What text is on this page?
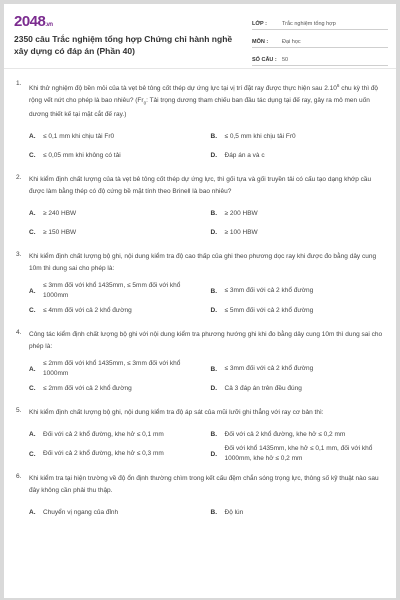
2048.vn
2350 câu Trắc nghiệm tổng hợp Chứng chỉ hành nghề xây dựng có đáp án (Phần 40)
LỚP :	Trắc nghiệm tổng hợp
MÔN :	Đại học
SỐ CÂU : 50
1.
Khi thử nghiệm độ bền mỏi của tà vẹt bê tông cốt thép dự ứng lực tại vị trí đặt ray được thực hiện sau 2.10$^6$ chu kỳ thì độ rộng vết nứt cho phép là bao nhiêu? ($Fr_0$: Tải trọng dương tham chiếu ban đầu tác dụng tại đế ray, gây ra mô men uốn dương thiết kế tại mặt cắt đế ray.)
A.	≤ 0,1 mm khi chịu tải Fr0	B.	≤ 0,5 mm khi chịu tải Fr0
C.	≤ 0,05 mm khi không có tải	D.	Đáp án a và c
2.	Khi kiểm định chất lượng của tà vẹt bê tông cốt thép dự ứng lực, thì gối tựa và gối truyền tải có cấu tạo dạng khớp cầu được làm bằng thép có độ cứng bề mặt tính theo Brinell là bao nhiêu?
A.	≥ 240 HBW	B.	≥ 200 HBW
C.	≥ 150 HBW	D.	≥ 100 HBW
3.	Khi kiểm định chất lượng bộ ghi, nội dung kiểm tra độ cao thấp của ghi theo phương dọc ray khi được đo bằng dây cung 10m thì dung sai cho phép là:
A.
≤ 3mm đối với khổ 1435mm, ≤ 5mm đối với khổ 1000mm
B.	≤ 3mm đối với cả 2 khổ đường
C.	≤ 4mm đối với cả 2 khổ đường	D.	≤ 5mm đối với cả 2 khổ đường
4.	Công tác kiểm định chất lượng bộ ghi với nội dung kiểm tra phương hướng ghi khi đo bằng dây cung 10m thì dung sai cho phép là:
A.
≤ 2mm đối với khổ 1435mm, ≤ 3mm đối với khổ 1000mm
B.	≤ 3mm đối với cả 2 khổ đường
C.	≤ 2mm đối với cả 2 khổ đường	D.	Cả 3 đáp án trên đều đúng
5.	Khi kiểm định chất lượng bộ ghi, nội dung kiểm tra độ áp sát của mũi lưỡi ghi thẳng với ray cơ bản thì:
A.	Đối với cả 2 khổ đường, khe hở ≤ 0,1 mm	B.	Đối với cả 2 khổ đường, khe hở ≤ 0,2 mm
C.	Đối với cả 2 khổ đường, khe hở ≤ 0,3 mm	D.
Đối với khổ 1435mm, khe hở ≤ 0,1 mm, đối với khổ 1000mm, khe hở ≤ 0,2 mm
6.	Khi kiểm tra tại hiện trường về độ ổn định thường chìm trong kết cấu đệm chắn sóng trọng lực, thông số kỹ thuật nào sau đây không cần phải thu thập.
A.	Chuyển vị ngang của đỉnh	B.	Độ lún
